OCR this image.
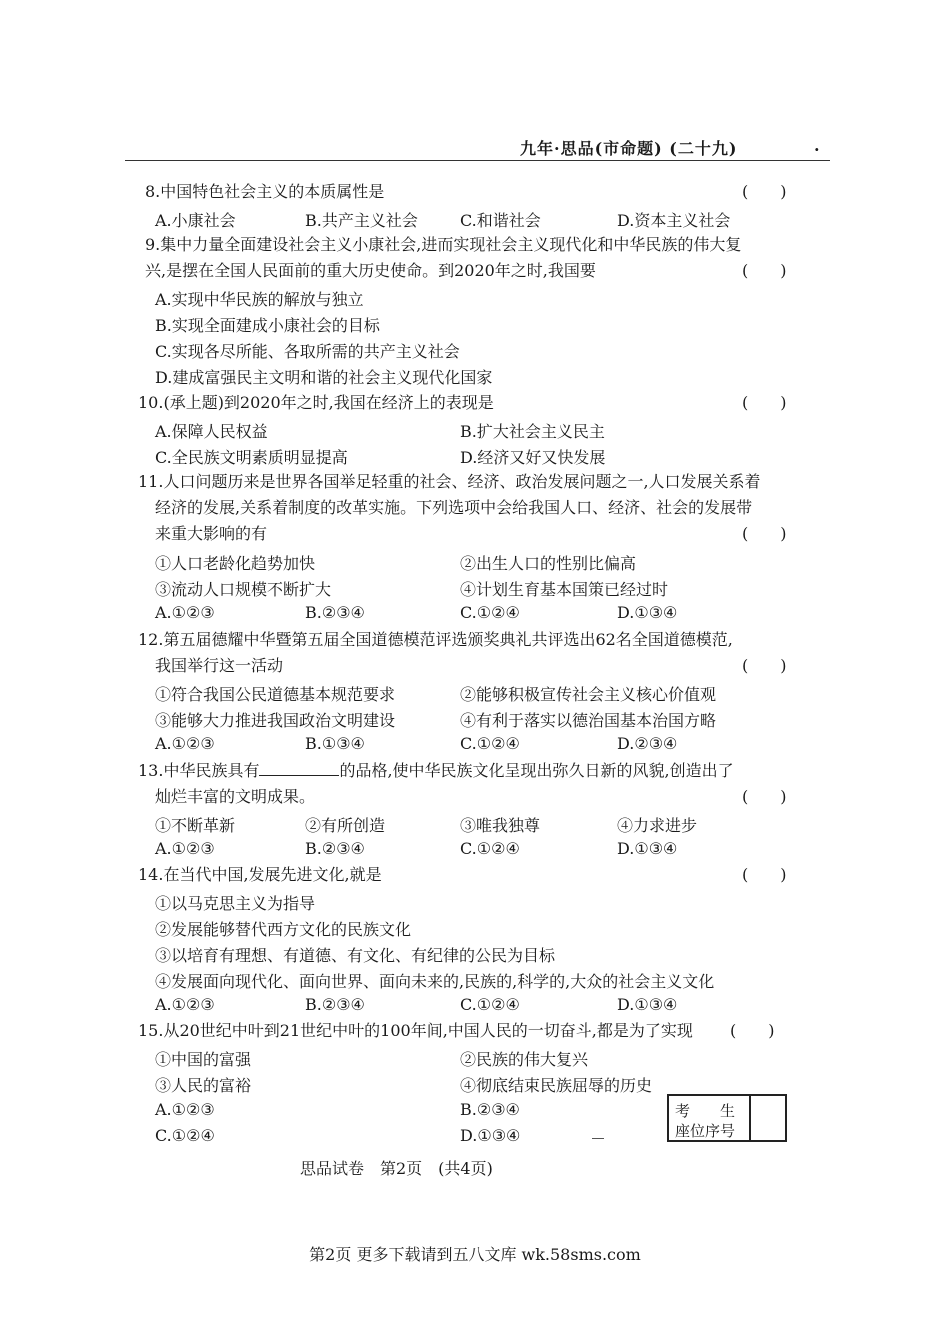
九年·思品(市命题) (二十九)	·
8.中国特色社会主义的本质属性是	(　　)
A.小康社会	B.共产主义社会	C.和谐社会	D.资本主义社会
9.集中力量全面建设社会主义小康社会,进而实现社会主义现代化和中华民族的伟大复
兴,是摆在全国人民面前的重大历史使命。到2020年之时,我国要	(　　)
A.实现中华民族的解放与独立
B.实现全面建成小康社会的目标
C.实现各尽所能、各取所需的共产主义社会
D.建成富强民主文明和谐的社会主义现代化国家
10.(承上题)到2020年之时,我国在经济上的表现是	(　　)
A.保障人民权益	B.扩大社会主义民主
C.全民族文明素质明显提高	D.经济又好又快发展
11.人口问题历来是世界各国举足轻重的社会、经济、政治发展问题之一,人口发展关系着
经济的发展,关系着制度的改革实施。下列选项中会给我国人口、经济、社会的发展带
来重大影响的有	(　　)
①人口老龄化趋势加快	②出生人口的性别比偏高
③流动人口规模不断扩大	④计划生育基本国策已经过时
A.①②③	B.②③④	C.①②④	D.①③④
12.第五届德耀中华暨第五届全国道德模范评选颁奖典礼共评选出62名全国道德模范,
我国举行这一活动	(　　)
①符合我国公民道德基本规范要求	②能够积极宣传社会主义核心价值观
③能够大力推进我国政治文明建设	④有利于落实以德治国基本治国方略
A.①②③	B.①③④	C.①②④	D.②③④
13.中华民族具有	的品格,使中华民族文化呈现出弥久日新的风貌,创造出了
灿烂丰富的文明成果。	(　　)
①不断革新	②有所创造	③唯我独尊	④力求进步
A.①②③	B.②③④	C.①②④	D.①③④
14.在当代中国,发展先进文化,就是	(　　)
①以马克思主义为指导
②发展能够替代西方文化的民族文化
③以培育有理想、有道德、有文化、有纪律的公民为目标
④发展面向现代化、面向世界、面向未来的,民族的,科学的,大众的社会主义文化
A.①②③	B.②③④	C.①②④	D.①③④
15.从20世纪中叶到21世纪中叶的100年间,中国人民的一切奋斗,都是为了实现 (　　)
①中国的富强	②民族的伟大复兴
③人民的富裕	④彻底结束民族屈辱的历史
A.①②③	B.②③④
C.①②④	D.①③④
考　　生
座位序号
思品试卷　第2页　(共4页)
第2页 更多下载请到五八文库 wk.58sms.com
